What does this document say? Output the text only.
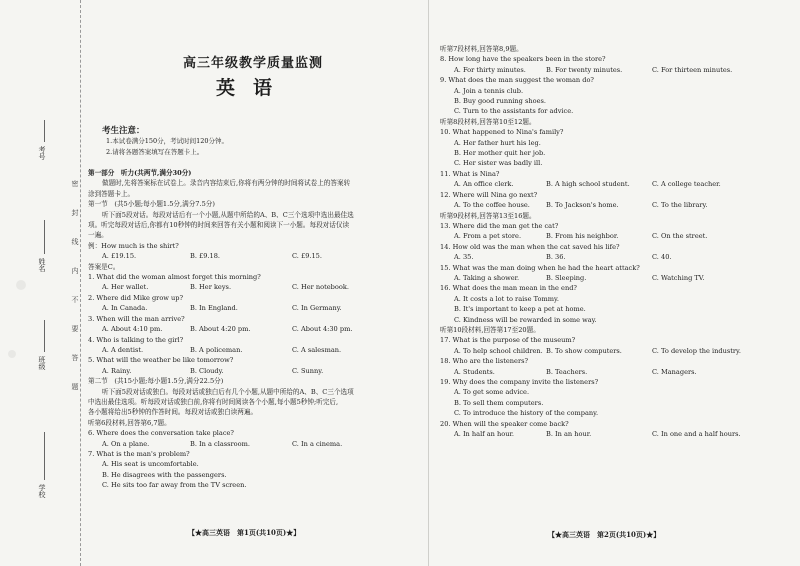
考号
姓名
班级
学校
密封线内不要答题
高三年级教学质量监测
英语
考生注意：
1.本试卷满分150分，考试时间120分钟。
2.请将各题答案填写在答题卡上。
第一部分　听力(共两节,满分30分)
做题时,先将答案标在试卷上。录音内容结束后,你将有两分钟的时间将试卷上的答案转
涂到答题卡上。
第一节　(共5小题;每小题1.5分,满分7.5分)
听下面5段对话。每段对话后有一个小题,从题中所给的A、B、C三个选项中选出最佳选
项。听完每段对话后,你都有10秒钟的时间来回答有关小题和阅读下一小题。每段对话仅读
一遍。
例：How much is the shirt?
A. £19.15.	B. £9.18.	C. £9.15.
答案是C。
1. What did the woman almost forget this morning?
A. Her wallet.	B. Her keys.	C. Her notebook.
2. Where did Mike grow up?
A. In Canada.	B. In England.	C. In Germany.
3. When will the man arrive?
A. About 4:10 pm.	B. About 4:20 pm.	C. About 4:30 pm.
4. Who is talking to the girl?
A. A dentist.	B. A policeman.	C. A salesman.
5. What will the weather be like tomorrow?
A. Rainy.	B. Cloudy.	C. Sunny.
第二节　(共15小题;每小题1.5分,满分22.5分)
听下面5段对话或独白。每段对话或独白后有几个小题,从题中所给的A、B、C三个选项
中选出最佳选项。听每段对话或独白前,你将有时间阅读各个小题,每小题5秒钟;听完后,
各小题将给出5秒钟的作答时间。每段对话或独白读两遍。
听第6段材料,回答第6,7题。
6. Where does the conversation take place?
A. On a plane.	B. In a classroom.	C. In a cinema.
7. What is the man's problem?
A. His seat is uncomfortable.
B. He disagrees with the passengers.
C. He sits too far away from the TV screen.
【★高三英语　第1页(共10页)★】
听第7段材料,回答第8,9题。
8. How long have the speakers been in the store?
A. For thirty minutes.	B. For twenty minutes.	C. For thirteen minutes.
9. What does the man suggest the woman do?
A. Join a tennis club.
B. Buy good running shoes.
C. Turn to the assistants for advice.
听第8段材料,回答第10至12题。
10. What happened to Nina's family?
A. Her father hurt his leg.
B. Her mother quit her job.
C. Her sister was badly ill.
11. What is Nina?
A. An office clerk.	B. A high school student.	C. A college teacher.
12. Where will Nina go next?
A. To the coffee house.	B. To Jackson's home.	C. To the library.
听第9段材料,回答第13至16题。
13. Where did the man get the cat?
A. From a pet store.	B. From his neighbor.	C. On the street.
14. How old was the man when the cat saved his life?
A. 35.	B. 36.	C. 40.
15. What was the man doing when he had the heart attack?
A. Taking a shower.	B. Sleeping.	C. Watching TV.
16. What does the man mean in the end?
A. It costs a lot to raise Tommy.
B. It's important to keep a pet at home.
C. Kindness will be rewarded in some way.
听第10段材料,回答第17至20题。
17. What is the purpose of the museum?
A. To help school children. B. To show computers.	C. To develop the industry.
18. Who are the listeners?
A. Students.	B. Teachers.	C. Managers.
19. Why does the company invite the listeners?
A. To get some advice.
B. To sell them computers.
C. To introduce the history of the company.
20. When will the speaker come back?
A. In half an hour.	B. In an hour.	C. In one and a half hours.
【★高三英语　第2页(共10页)★】
